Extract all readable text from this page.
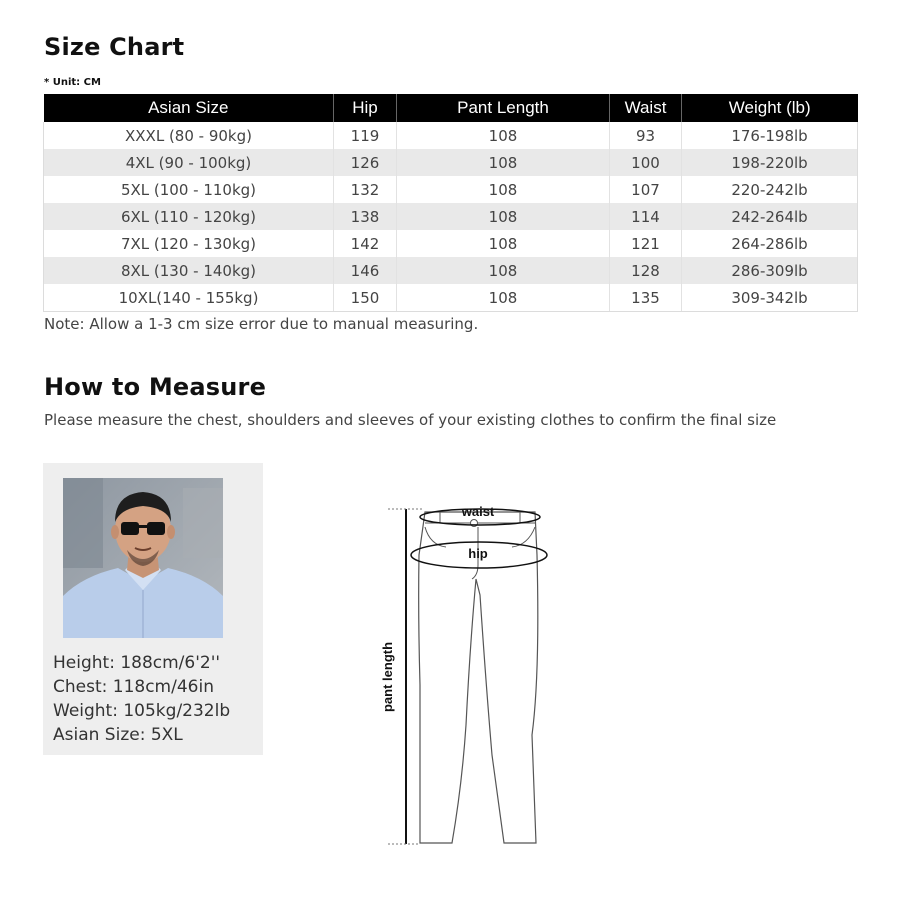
Size Chart
* Unit: CM
Asian Size	Hip	Pant Length	Waist	Weight (lb)
XXXL (80 - 90kg)	119	108	93	176-198lb
4XL (90 - 100kg)	126	108	100	198-220lb
5XL (100 - 110kg)	132	108	107	220-242lb
6XL (110 - 120kg)	138	108	114	242-264lb
7XL (120 - 130kg)	142	108	121	264-286lb
8XL (130 - 140kg)	146	108	128	286-309lb
10XL(140 - 155kg)	150	108	135	309-342lb
Note: Allow a 1-3 cm size error due to manual measuring.
How to Measure
Please measure the chest, shoulders and sleeves of your existing clothes to confirm the final size
Height: 188cm/6'2''
Chest: 118cm/46in
Weight: 105kg/232lb
Asian Size: 5XL
waist
hip
pant length
